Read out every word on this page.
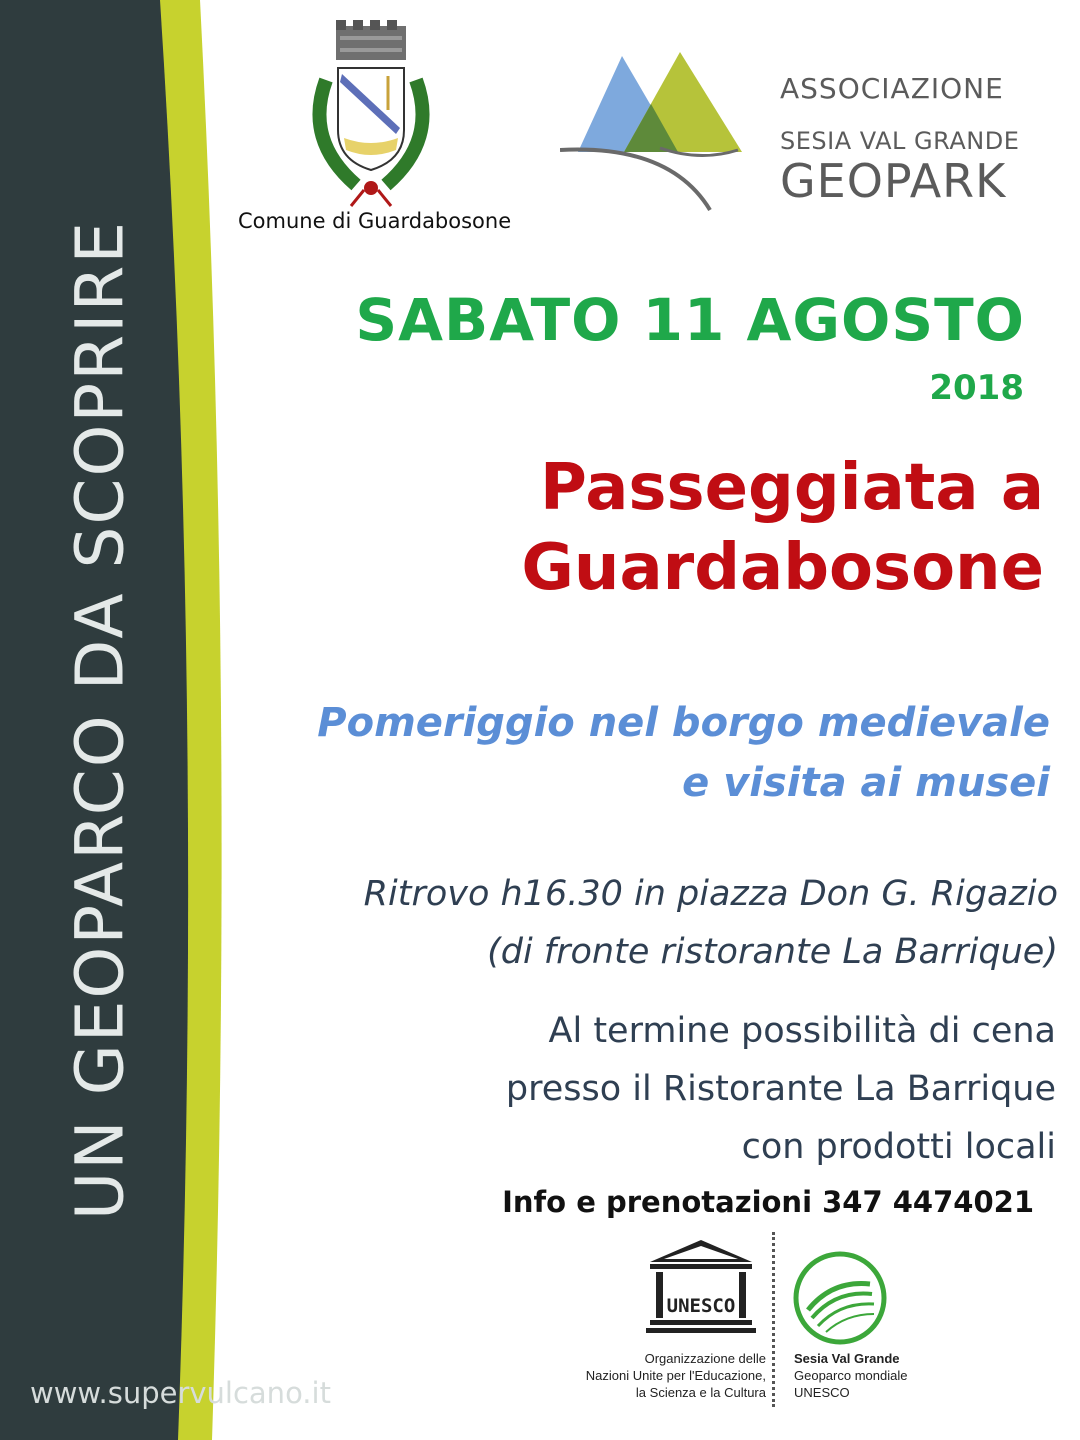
UN GEOPARCO DA SCOPRIRE
www.supervulcano.it
Comune di Guardabosone
ASSOCIAZIONE
SESIA VAL GRANDE
GEOPARK
SABATO 11 AGOSTO
2018
Passeggiata a
Guardabosone
Pomeriggio nel borgo medievale
e visita ai musei
Ritrovo h16.30 in piazza Don G. Rigazio
(di fronte ristorante La Barrique)
Al termine possibilità di cena
presso il Ristorante La Barrique
con prodotti locali
Info e prenotazioni 347 4474021
UNESCO
Organizzazione delle
Nazioni Unite per l'Educazione,
la Scienza e la Cultura
Sesia Val Grande
Geoparco mondiale
UNESCO
